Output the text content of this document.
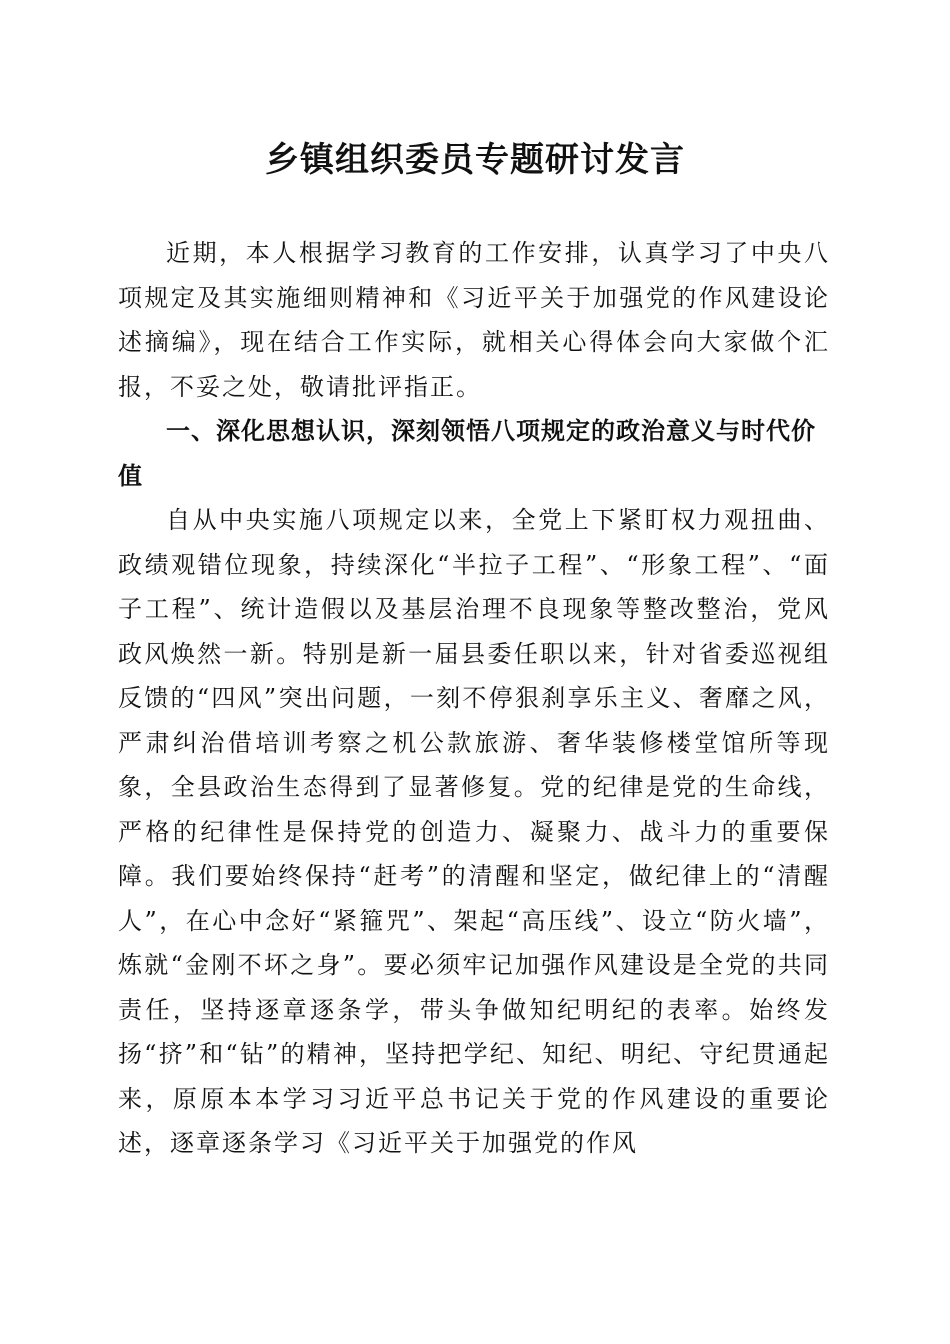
乡镇组织委员专题研讨发言

近期，本人根据学习教育的工作安排，认真学习了中央八项规定及其实施细则精神和《习近平关于加强党的作风建设论述摘编》，现在结合工作实际，就相关心得体会向大家做个汇报，不妥之处，敬请批评指正。

一、深化思想认识，深刻领悟八项规定的政治意义与时代价值

自从中央实施八项规定以来，全党上下紧盯权力观扭曲、政绩观错位现象，持续深化“半拉子工程”、“形象工程”、“面子工程”、统计造假以及基层治理不良现象等整改整治，党风政风焕然一新。特别是新一届县委任职以来，针对省委巡视组反馈的“四风”突出问题，一刻不停狠刹享乐主义、奢靡之风，严肃纠治借培训考察之机公款旅游、奢华装修楼堂馆所等现象，全县政治生态得到了显著修复。党的纪律是党的生命线，严格的纪律性是保持党的创造力、凝聚力、战斗力的重要保障。我们要始终保持“赶考”的清醒和坚定，做纪律上的“清醒人”，在心中念好“紧箍咒”、架起“高压线”、设立“防火墙”，炼就“金刚不坏之身”。要必须牢记加强作风建设是全党的共同责任，坚持逐章逐条学，带头争做知纪明纪的表率。始终发扬“挤”和“钻”的精神，坚持把学纪、知纪、明纪、守纪贯通起来，原原本本学习习近平总书记关于党的作风建设的重要论述，逐章逐条学习《习近平关于加强党的作风
